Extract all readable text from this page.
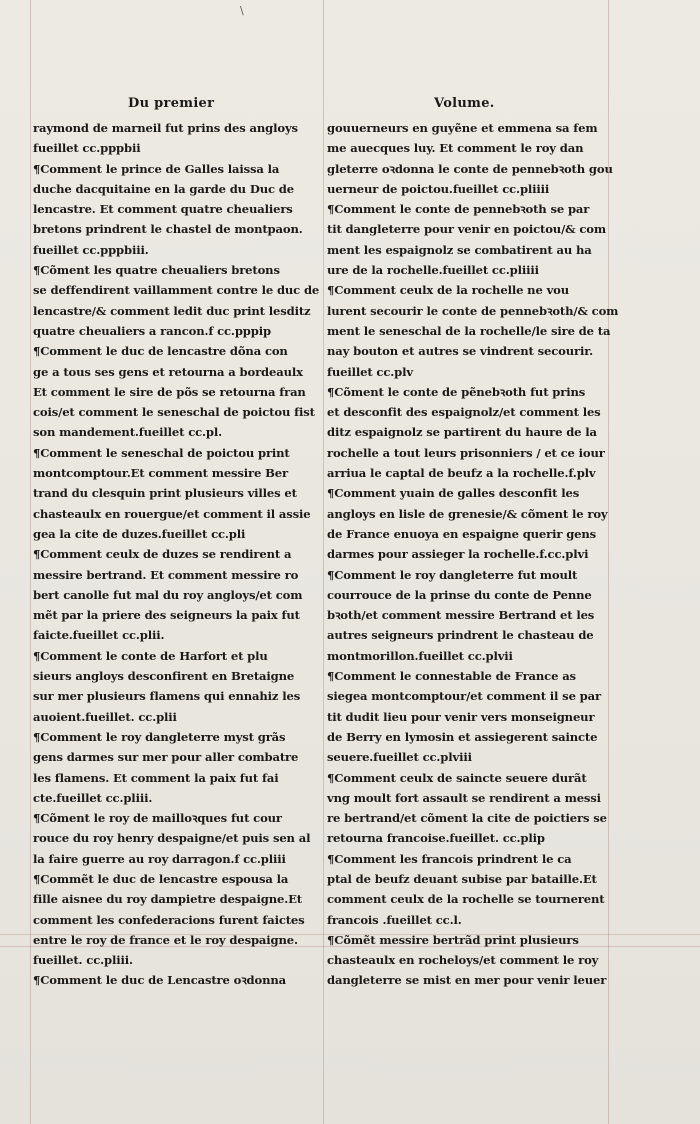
\
Du premier	Volume.
raymond de marneil fut prins des angloys
fueillet cc.pppbii
¶Comment le prince de Galles laissa la
duche dacquitaine en la garde du Duc de
lencastre. Et comment quatre cheualiers
bretons prindrent le chastel de montpaon.
fueillet cc.pppbiii.
¶Cõment les quatre cheualiers bretons
se deffendirent vaillamment contre le duc de
lencastre/& comment ledit duc print lesditz
quatre cheualiers a rancon.f cc.pppip
¶Comment le duc de lencastre dõna con
ge a tous ses gens et retourna a bordeaulx
Et comment le sire de põs se retourna fran
cois/et comment le seneschal de poictou fist
son mandement.fueillet cc.pl.
¶Comment le seneschal de poictou print
montcomptour.Et comment messire Ber
trand du clesquin print plusieurs villes et
chasteaulx en rouergue/et comment il assie
gea la cite de duzes.fueillet cc.pli
¶Comment ceulx de duzes se rendirent a
messire bertrand. Et comment messire ro
bert canolle fut mal du roy angloys/et com
mẽt par la priere des seigneurs la paix fut
faicte.fueillet cc.plii.
¶Comment le conte de Harfort et plu
sieurs angloys desconfirent en Bretaigne
sur mer plusieurs flamens qui ennahiz les
auoient.fueillet. cc.plii
¶Comment le roy dangleterre myst grãs
gens darmes sur mer pour aller combatre
les flamens. Et comment la paix fut fai
cte.fueillet cc.pliii.
¶Cõment le roy de mailloꝛques fut cour
rouce du roy henry despaigne/et puis sen al
la faire guerre au roy darragon.f cc.pliii
¶Commẽt le duc de lencastre espousa la
fille aisnee du roy dampietre despaigne.Et
comment les confederacions furent faictes
entre le roy de france et le roy despaigne.
fueillet. cc.pliii.
¶Comment le duc de Lencastre oꝛdonna
gouuerneurs en guyẽne et emmena sa fem
me auecques luy. Et comment le roy dan
gleterre oꝛdonna le conte de pennebꝛoth gou
uerneur de poictou.fueillet cc.pliiii
¶Comment le conte de pennebꝛoth se par
tit dangleterre pour venir en poictou/& com
ment les espaignolz se combatirent au ha
ure de la rochelle.fueillet cc.pliiii
¶Comment ceulx de la rochelle ne vou
lurent secourir le conte de pennebꝛoth/& com
ment le seneschal de la rochelle/le sire de ta
nay bouton et autres se vindrent secourir.
fueillet cc.plv
¶Cõment le conte de pẽnebꝛoth fut prins
et desconfit des espaignolz/et comment les
ditz espaignolz se partirent du haure de la
rochelle a tout leurs prisonniers / et ce iour
arriua le captal de beufz a la rochelle.f.plv
¶Comment yuain de galles desconfit les
angloys en lisle de grenesie/& cõment le roy
de France enuoya en espaigne querir gens
darmes pour assieger la rochelle.f.cc.plvi
¶Comment le roy dangleterre fut moult
courrouce de la prinse du conte de Penne
bꝛoth/et comment messire Bertrand et les
autres seigneurs prindrent le chasteau de
montmorillon.fueillet cc.plvii
¶Comment le connestable de France as
siegea montcomptour/et comment il se par
tit dudit lieu pour venir vers monseigneur
de Berry en lymosin et assiegerent saincte
seuere.fueillet cc.plviii
¶Comment ceulx de saincte seuere durãt
vng moult fort assault se rendirent a messi
re bertrand/et cõment la cite de poictiers se
retourna francoise.fueillet. cc.plip
¶Comment les francois prindrent le ca
ptal de beufz deuant subise par bataille.Et
comment ceulx de la rochelle se tournerent
francois .fueillet cc.l.
¶Cõmẽt messire bertrãd print plusieurs
chasteaulx en rocheloys/et comment le roy
dangleterre se mist en mer pour venir leuer
